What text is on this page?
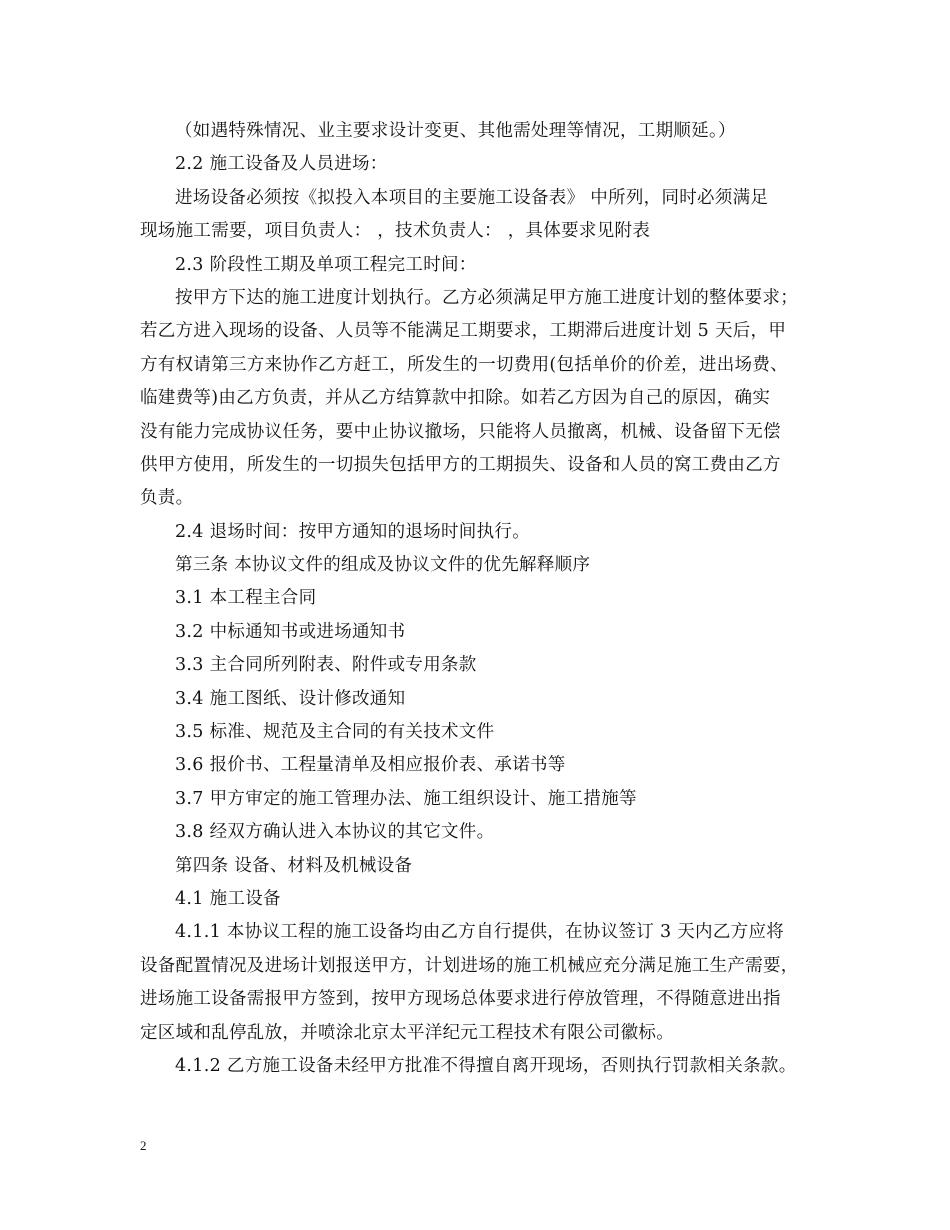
（如遇特殊情况、业主要求设计变更、其他需处理等情况，工期顺延。）
2.2 施工设备及人员进场：
进场设备必须按《拟投入本项目的主要施工设备表》 中所列，同时必须满足
现场施工需要，项目负责人： ，技术负责人： ，具体要求见附表
2.3 阶段性工期及单项工程完工时间：
按甲方下达的施工进度计划执行。乙方必须满足甲方施工进度计划的整体要求；
若乙方进入现场的设备、人员等不能满足工期要求，工期滞后进度计划 5 天后，甲
方有权请第三方来协作乙方赶工，所发生的一切费用(包括单价的价差，进出场费、
临建费等)由乙方负责，并从乙方结算款中扣除。如若乙方因为自己的原因，确实
没有能力完成协议任务，要中止协议撤场，只能将人员撤离，机械、设备留下无偿
供甲方使用，所发生的一切损失包括甲方的工期损失、设备和人员的窝工费由乙方
负责。
2.4 退场时间：按甲方通知的退场时间执行。
第三条 本协议文件的组成及协议文件的优先解释顺序
3.1 本工程主合同
3.2 中标通知书或进场通知书
3.3 主合同所列附表、附件或专用条款
3.4 施工图纸、设计修改通知
3.5 标准、规范及主合同的有关技术文件
3.6 报价书、工程量清单及相应报价表、承诺书等
3.7 甲方审定的施工管理办法、施工组织设计、施工措施等
3.8 经双方确认进入本协议的其它文件。
第四条 设备、材料及机械设备
4.1 施工设备
4.1.1 本协议工程的施工设备均由乙方自行提供，在协议签订 3 天内乙方应将
设备配置情况及进场计划报送甲方，计划进场的施工机械应充分满足施工生产需要，
进场施工设备需报甲方签到，按甲方现场总体要求进行停放管理，不得随意进出指
定区域和乱停乱放，并喷涂北京太平洋纪元工程技术有限公司徽标。
4.1.2 乙方施工设备未经甲方批准不得擅自离开现场，否则执行罚款相关条款。
2
